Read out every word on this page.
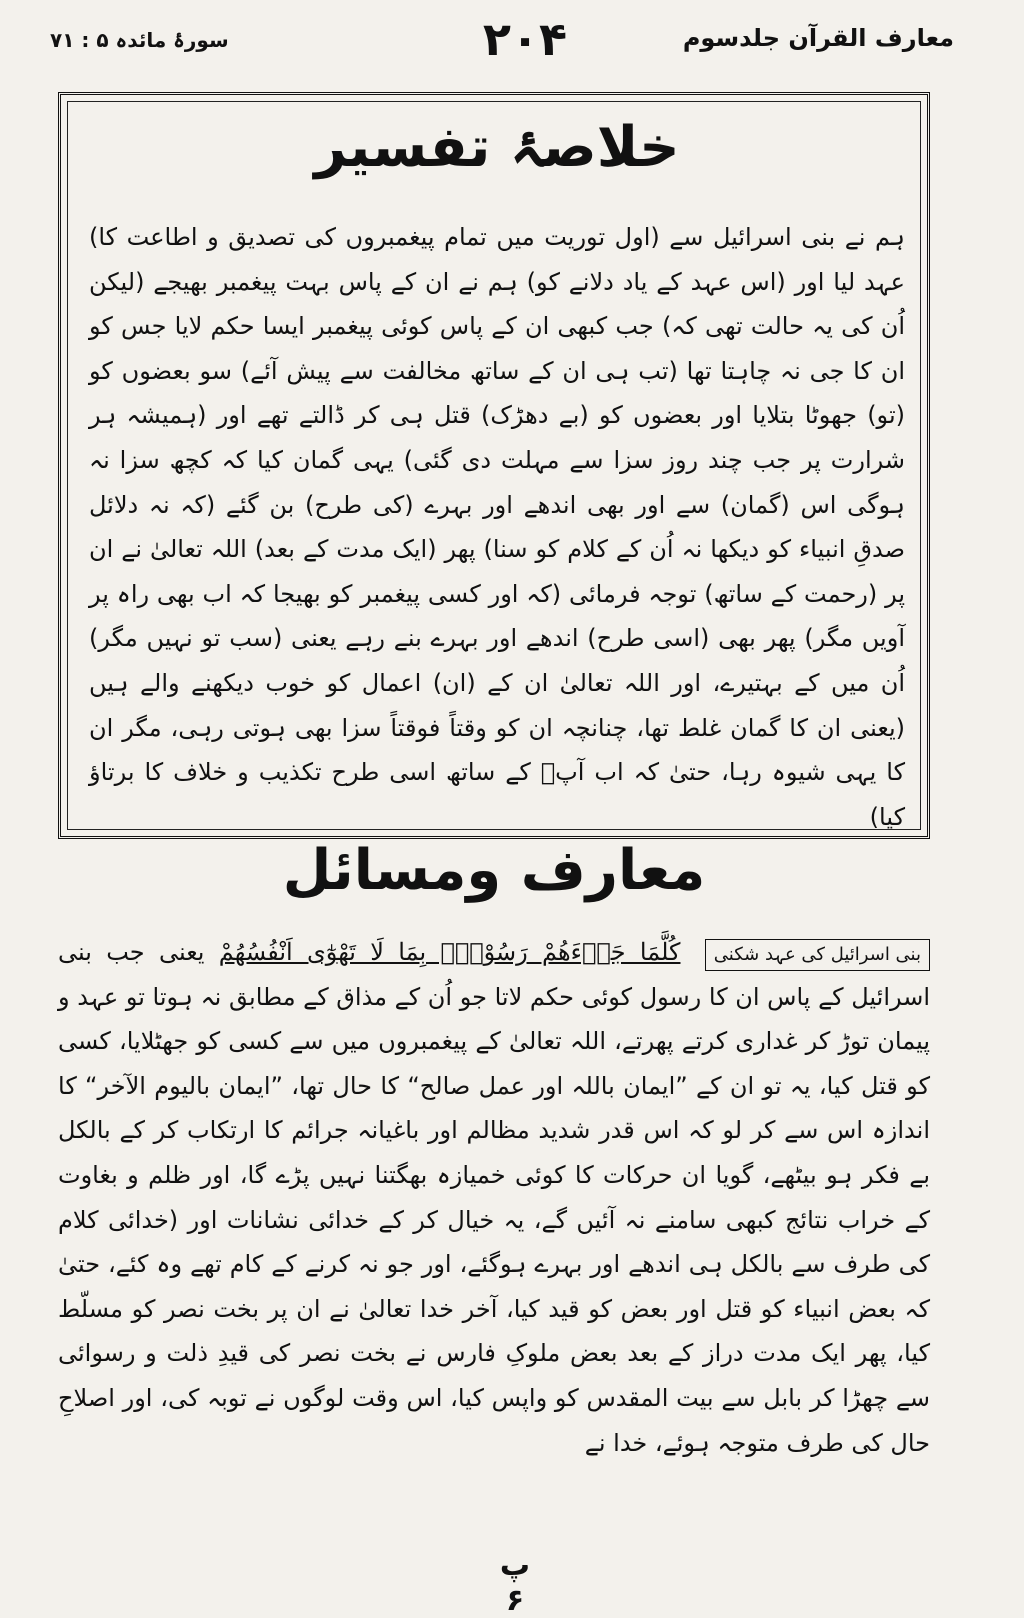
معارف القرآن جلدسوم
۲۰۴
سورۂ مائدہ ۵ : ۷۱
خلاصۂ تفسیر

ہم نے بنی اسرائیل سے (اول توریت میں تمام پیغمبروں کی تصدیق و اطاعت کا) عہد لیا اور (اس عہد کے یاد دلانے کو) ہم نے ان کے پاس بہت پیغمبر بھیجے (لیکن اُن کی یہ حالت تھی کہ) جب کبھی ان کے پاس کوئی پیغمبر ایسا حکم لایا جس کو ان کا جی نہ چاہتا تھا (تب ہی ان کے ساتھ مخالفت سے پیش آئے) سو بعضوں کو (تو) جھوٹا بتلایا اور بعضوں کو (بے دھڑک) قتل ہی کر ڈالتے تھے اور (ہمیشہ ہر شرارت پر جب چند روز سزا سے مہلت دی گئی) یہی گمان کیا کہ کچھ سزا نہ ہوگی اس (گمان) سے اور بھی اندھے اور بہرے (کی طرح) بن گئے (کہ نہ دلائل صدقِ انبیاء کو دیکھا نہ اُن کے کلام کو سنا) پھر (ایک مدت کے بعد) اللہ تعالیٰ نے ان پر (رحمت کے ساتھ) توجہ فرمائی (کہ اور کسی پیغمبر کو بھیجا کہ اب بھی راہ پر آویں مگر) پھر بھی (اسی طرح) اندھے اور بہرے بنے رہے یعنی (سب تو نہیں مگر) اُن میں کے بہتیرے، اور اللہ تعالیٰ ان کے (ان) اعمال کو خوب دیکھنے والے ہیں (یعنی ان کا گمان غلط تھا، چنانچہ ان کو وقتاً فوقتاً سزا بھی ہوتی رہی، مگر ان کا یہی شیوہ رہا، حتیٰ کہ اب آپؐ کے ساتھ اسی طرح تکذیب و خلاف کا برتاؤ کیا)

معارف ومسائل

بنی اسرائیل کی عہد شکنی کُلَّمَا جَاۗءَهُمْ رَسُوْلٌۢ بِمَا لَا تَهْوٰٓى اَنْفُسُهُمْ یعنی جب بنی اسرائیل کے پاس ان کا رسول کوئی حکم لاتا جو اُن کے مذاق کے مطابق نہ ہوتا تو عہد و پیمان توڑ کر غداری کرتے پھرتے، اللہ تعالیٰ کے پیغمبروں میں سے کسی کو جھٹلایا، کسی کو قتل کیا، یہ تو ان کے ”ایمان باللہ اور عمل صالح“ کا حال تھا، ”ایمان بالیوم الآخر“ کا اندازہ اس سے کر لو کہ اس قدر شدید مظالم اور باغیانہ جرائم کا ارتکاب کر کے بالکل بے فکر ہو بیٹھے، گویا ان حرکات کا کوئی خمیازہ بھگتنا نہیں پڑے گا، اور ظلم و بغاوت کے خراب نتائج کبھی سامنے نہ آئیں گے، یہ خیال کر کے خدائی نشانات اور (خدائی کلام کی طرف سے بالکل ہی اندھے اور بہرے ہوگئے، اور جو نہ کرنے کے کام تھے وہ کئے، حتیٰ کہ بعض انبیاء کو قتل اور بعض کو قید کیا، آخر خدا تعالیٰ نے ان پر بخت نصر کو مسلّط کیا، پھر ایک مدت دراز کے بعد بعض ملوکِ فارس نے بخت نصر کی قیدِ ذلت و رسوائی سے چھڑا کر بابل سے بیت المقدس کو واپس کیا، اس وقت لوگوں نے توبہ کی، اور اصلاحِ حال کی طرف متوجہ ہوئے، خدا نے

پ ۶
